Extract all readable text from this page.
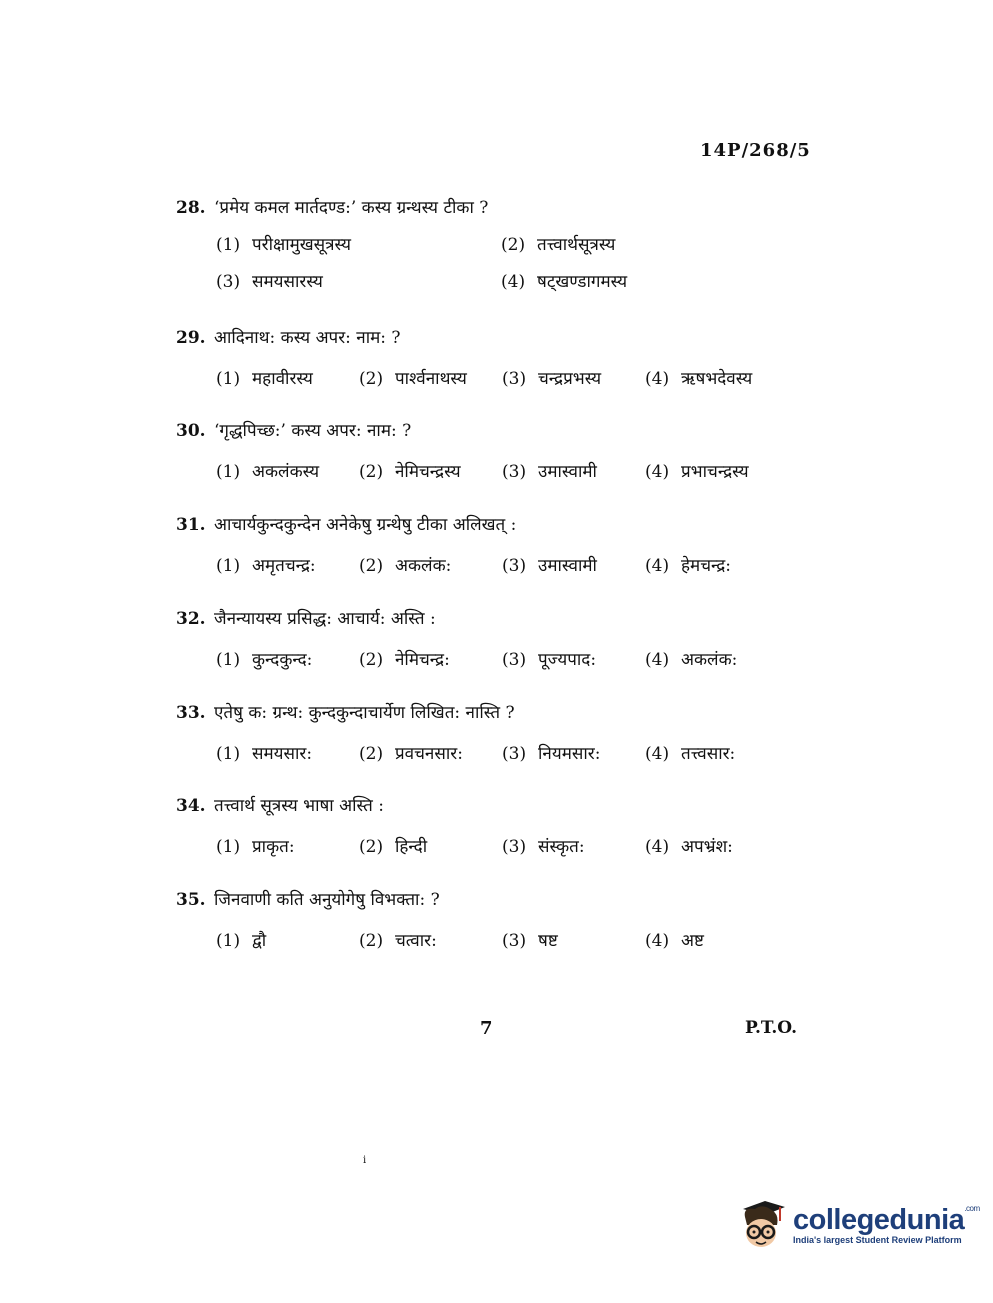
14P/268/5
28. ‘प्रमेय कमल मार्तदण्ड:’ कस्य ग्रन्थस्य टीका ?
(1) परीक्षामुखसूत्रस्य	(2) तत्त्वार्थसूत्रस्य
(3) समयसारस्य	(4) षट्खण्डागमस्य
29. आदिनाथ: कस्य अपर: नाम: ?
(1) महावीरस्य	(2) पार्श्वनाथस्य (3) चन्द्रप्रभस्य	(4) ऋषभदेवस्य
30. ‘गृद्धपिच्छ:’ कस्य अपर: नाम: ?
(1) अकलंकस्य (2) नेमिचन्द्रस्य (3) उमास्वामी	(4) प्रभाचन्द्रस्य
31. आचार्यकुन्दकुन्देन अनेकेषु ग्रन्थेषु टीका अलिखत् :
(1) अमृतचन्द्र:	(2) अकलंक:	(3) उमास्वामी	(4) हेमचन्द्र:
32. जैनन्यायस्य प्रसिद्ध: आचार्य: अस्ति :
(1) कुन्दकुन्द:	(2) नेमिचन्द्र:	(3) पूज्यपाद:	(4) अकलंक:
33. एतेषु क: ग्रन्थ: कुन्दकुन्दाचार्येण लिखित: नास्ति ?
(1) समयसार:	(2) प्रवचनसार: (3) नियमसार:	(4) तत्त्वसार:
34. तत्त्वार्थ सूत्रस्य भाषा अस्ति :
(1) प्राकृत:	(2) हिन्दी	(3) संस्कृत:	(4) अपभ्रंश:
35. जिनवाणी कति अनुयोगेषु विभक्ता: ?
(1) द्वौ	(2) चत्वार:	(3) षष्ट	(4) अष्ट
7	P.T.O.
i
collegedunia$^{.com}$
India's largest Student Review Platform
